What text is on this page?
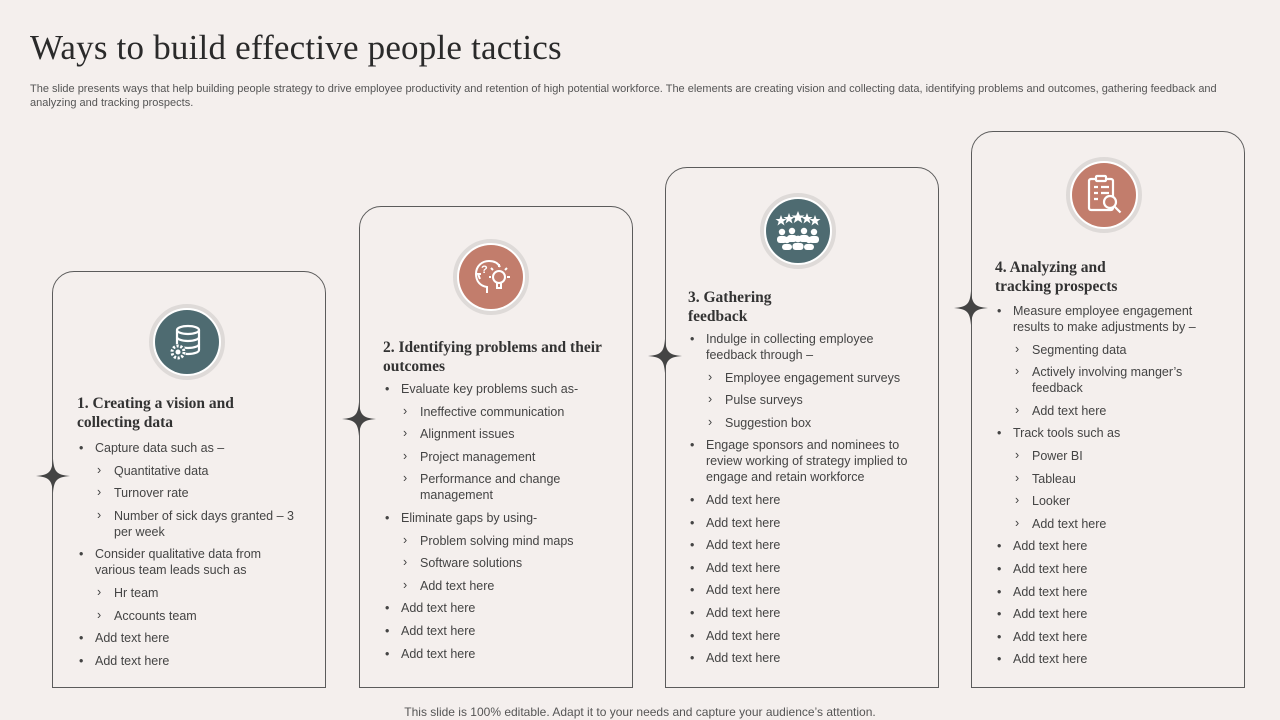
Ways to build effective people tactics
The slide presents ways that help building people strategy to drive employee productivity and retention of high potential workforce. The elements are creating vision and collecting data, identifying problems and outcomes, gathering feedback and analyzing and tracking prospects.
1. Creating a vision and collecting data
• Capture data such as –
› Quantitative data
› Turnover rate
› Number of sick days granted – 3 per week
• Consider qualitative data from various team leads such as
› Hr team
› Accounts team
• Add text here
• Add text here
?
2. Identifying problems and their outcomes
• Evaluate key problems such as-
› Ineffective communication
› Alignment issues
› Project management
› Performance and change management
• Eliminate gaps by using-
› Problem solving mind maps
› Software solutions
› Add text here
• Add text here
• Add text here
• Add text here
3. Gathering feedback
• Indulge in collecting employee feedback through –
› Employee engagement surveys
› Pulse surveys
› Suggestion box
• Engage sponsors and nominees to review working of strategy implied to engage and retain workforce
• Add text here
• Add text here
• Add text here
• Add text here
• Add text here
• Add text here
• Add text here
• Add text here
4. Analyzing and tracking prospects
• Measure employee engagement results to make adjustments by –
› Segmenting data
› Actively involving manger’s feedback
› Add text here
• Track tools such as
› Power BI
› Tableau
› Looker
› Add text here
• Add text here
• Add text here
• Add text here
• Add text here
• Add text here
• Add text here
This slide is 100% editable. Adapt it to your needs and capture your audience’s attention.
